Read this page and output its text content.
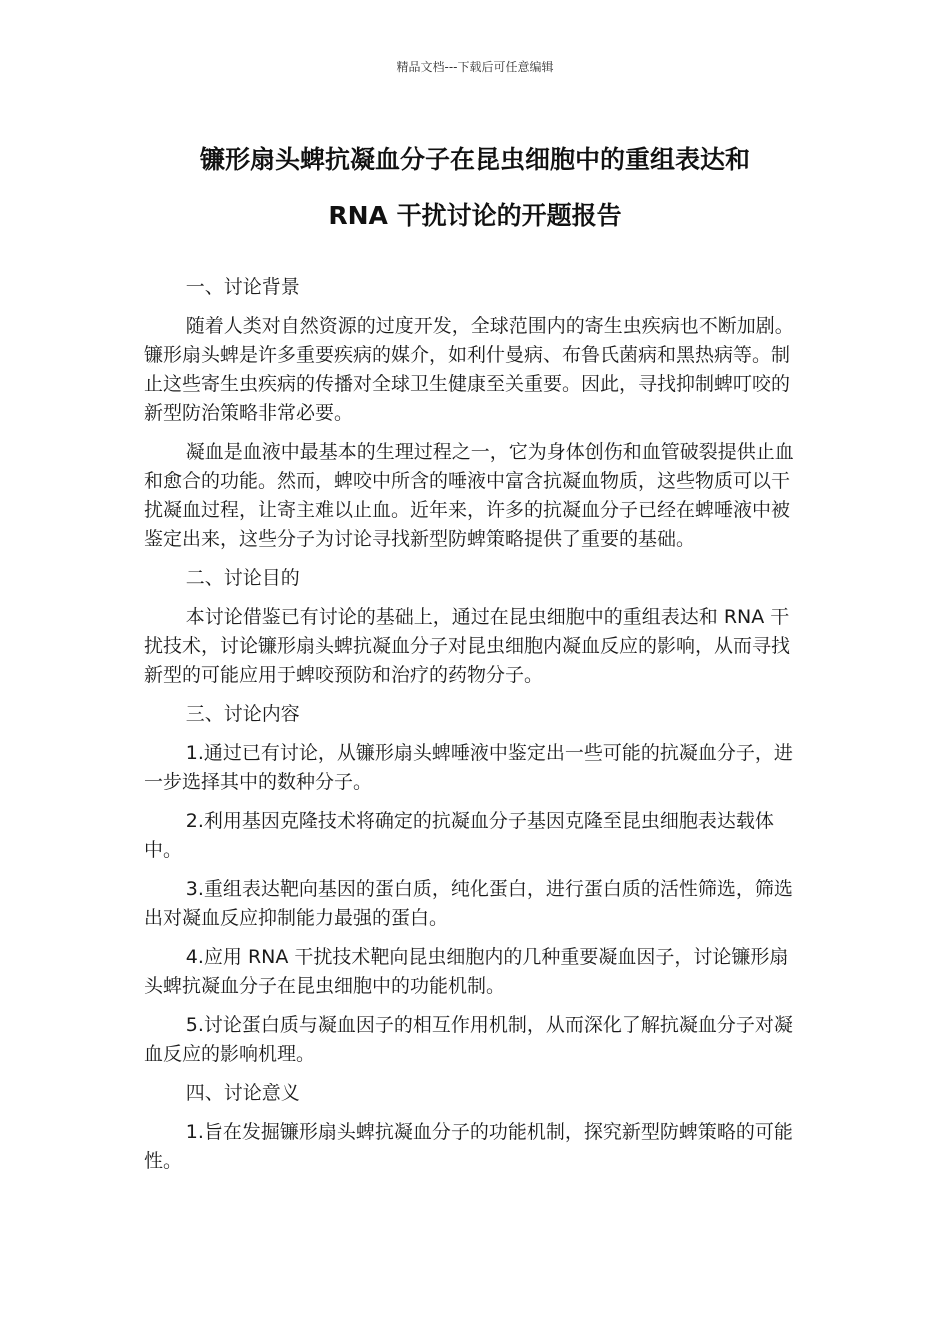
精品文档---下载后可任意编辑
镰形扇头蜱抗凝血分子在昆虫细胞中的重组表达和
RNA 干扰讨论的开题报告

一、讨论背景

随着人类对自然资源的过度开发，全球范围内的寄生虫疾病也不断加剧。镰形扇头蜱是许多重要疾病的媒介，如利什曼病、布鲁氏菌病和黑热病等。制止这些寄生虫疾病的传播对全球卫生健康至关重要。因此，寻找抑制蜱叮咬的新型防治策略非常必要。

凝血是血液中最基本的生理过程之一，它为身体创伤和血管破裂提供止血和愈合的功能。然而，蜱咬中所含的唾液中富含抗凝血物质，这些物质可以干扰凝血过程，让寄主难以止血。近年来，许多的抗凝血分子已经在蜱唾液中被鉴定出来，这些分子为讨论寻找新型防蜱策略提供了重要的基础。

二、讨论目的

本讨论借鉴已有讨论的基础上，通过在昆虫细胞中的重组表达和 RNA 干扰技术，讨论镰形扇头蜱抗凝血分子对昆虫细胞内凝血反应的影响，从而寻找新型的可能应用于蜱咬预防和治疗的药物分子。

三、讨论内容

1.通过已有讨论，从镰形扇头蜱唾液中鉴定出一些可能的抗凝血分子，进一步选择其中的数种分子。

2.利用基因克隆技术将确定的抗凝血分子基因克隆至昆虫细胞表达载体中。

3.重组表达靶向基因的蛋白质，纯化蛋白，进行蛋白质的活性筛选，筛选出对凝血反应抑制能力最强的蛋白。

4.应用 RNA 干扰技术靶向昆虫细胞内的几种重要凝血因子，讨论镰形扇头蜱抗凝血分子在昆虫细胞中的功能机制。

5.讨论蛋白质与凝血因子的相互作用机制，从而深化了解抗凝血分子对凝血反应的影响机理。

四、讨论意义

1.旨在发掘镰形扇头蜱抗凝血分子的功能机制，探究新型防蜱策略的可能性。
